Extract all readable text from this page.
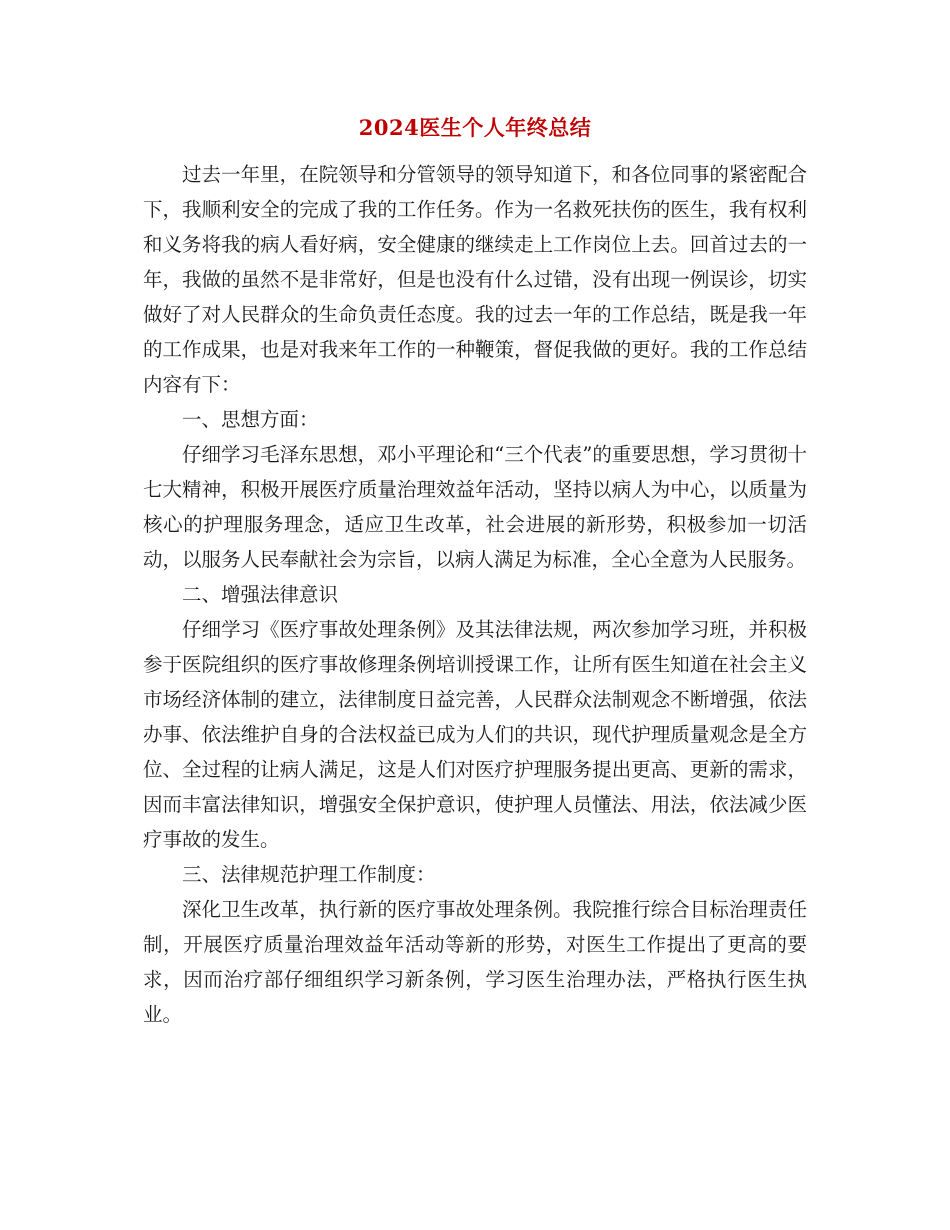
2024医生个人年终总结

过去一年里，在院领导和分管领导的领导知道下，和各位同事的紧密配合下，我顺利安全的完成了我的工作任务。作为一名救死扶伤的医生，我有权利和义务将我的病人看好病，安全健康的继续走上工作岗位上去。回首过去的一年，我做的虽然不是非常好，但是也没有什么过错，没有出现一例误诊，切实做好了对人民群众的生命负责任态度。我的过去一年的工作总结，既是我一年的工作成果，也是对我来年工作的一种鞭策，督促我做的更好。我的工作总结内容有下：

一、思想方面：

仔细学习毛泽东思想，邓小平理论和“三个代表”的重要思想，学习贯彻十七大精神，积极开展医疗质量治理效益年活动，坚持以病人为中心，以质量为核心的护理服务理念，适应卫生改革，社会进展的新形势，积极参加一切活动，以服务人民奉献社会为宗旨，以病人满足为标准，全心全意为人民服务。

二、增强法律意识

仔细学习《医疗事故处理条例》及其法律法规，两次参加学习班，并积极参于医院组织的医疗事故修理条例培训授课工作，让所有医生知道在社会主义市场经济体制的建立，法律制度日益完善，人民群众法制观念不断增强，依法办事、依法维护自身的合法权益已成为人们的共识，现代护理质量观念是全方位、全过程的让病人满足，这是人们对医疗护理服务提出更高、更新的需求，因而丰富法律知识，增强安全保护意识，使护理人员懂法、用法，依法减少医疗事故的发生。

三、法律规范护理工作制度：

深化卫生改革，执行新的医疗事故处理条例。我院推行综合目标治理责任制，开展医疗质量治理效益年活动等新的形势，对医生工作提出了更高的要求，因而治疗部仔细组织学习新条例，学习医生治理办法，严格执行医生执业。
